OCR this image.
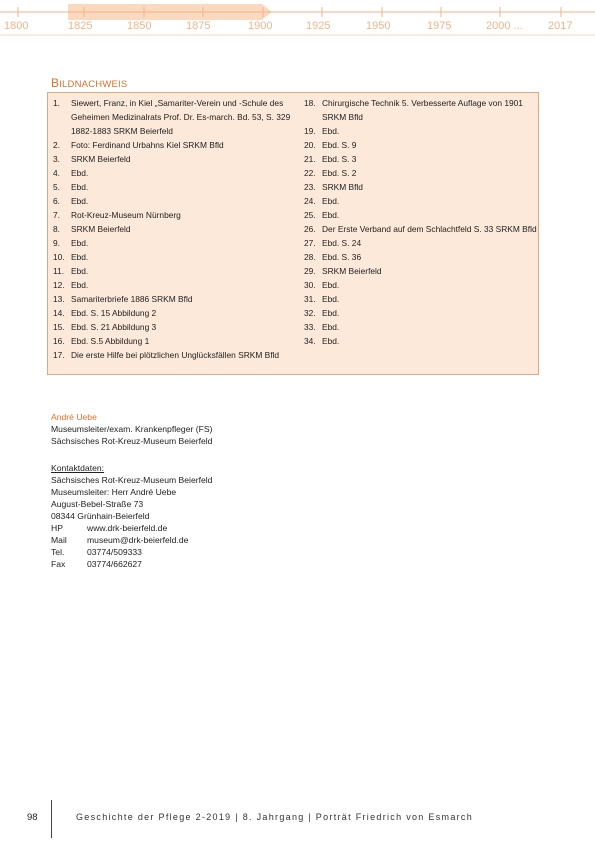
1800	1825	1850	1875	1900	1925	1950	1975	2000 ... 2017
BILDNACHWEIS
1.	Siewert, Franz, in Kiel „Samariter-Verein und -Schule des Geheimen Medizinalrats Prof. Dr. Es-march. Bd. 53, S. 329 1882-1883 SRKM Beierfeld
2.	Foto: Ferdinand Urbahns Kiel SRKM Bfld
3.	SRKM Beierfeld
4.	Ebd.
5.	Ebd.
6.	Ebd.
7.	Rot-Kreuz-Museum Nürnberg
8.	SRKM Beierfeld
9.	Ebd.
10. Ebd.
11. Ebd.
12. Ebd.
13. Samariterbriefe 1886 SRKM Bfld
14. Ebd. S. 15 Abbildung 2
15. Ebd. S. 21 Abbildung 3
16. Ebd. S.5 Abbildung 1
17. Die erste Hilfe bei plötzlichen Unglücksfällen SRKM Bfld
18. Chirurgische Technik 5. Verbesserte Auflage von 1901 SRKM Bfld
19. Ebd.
20. Ebd. S. 9
21. Ebd. S. 3
22. Ebd. S. 2
23. SRKM Bfld
24. Ebd.
25. Ebd.
26. Der Erste Verband auf dem Schlachtfeld S. 33 SRKM Bfld
27. Ebd. S. 24
28. Ebd. S. 36
29. SRKM Beierfeld
30. Ebd.
31. Ebd.
32. Ebd.
33. Ebd.
34. Ebd.
André Uebe
Museumsleiter/exam. Krankenpfleger (FS)
Sächsisches Rot-Kreuz-Museum Beierfeld
Kontaktdaten:
Sächsisches Rot-Kreuz-Museum Beierfeld
Museumsleiter: Herr André Uebe
August-Bebel-Straße 73
08344 Grünhain-Beierfeld
HP	www.drk-beierfeld.de
Mail	museum@drk-beierfeld.de
Tel.	03774/509333
Fax	03774/662627
98	Geschichte der Pflege 2-2019 | 8. Jahrgang | Porträt Friedrich von Esmarch
